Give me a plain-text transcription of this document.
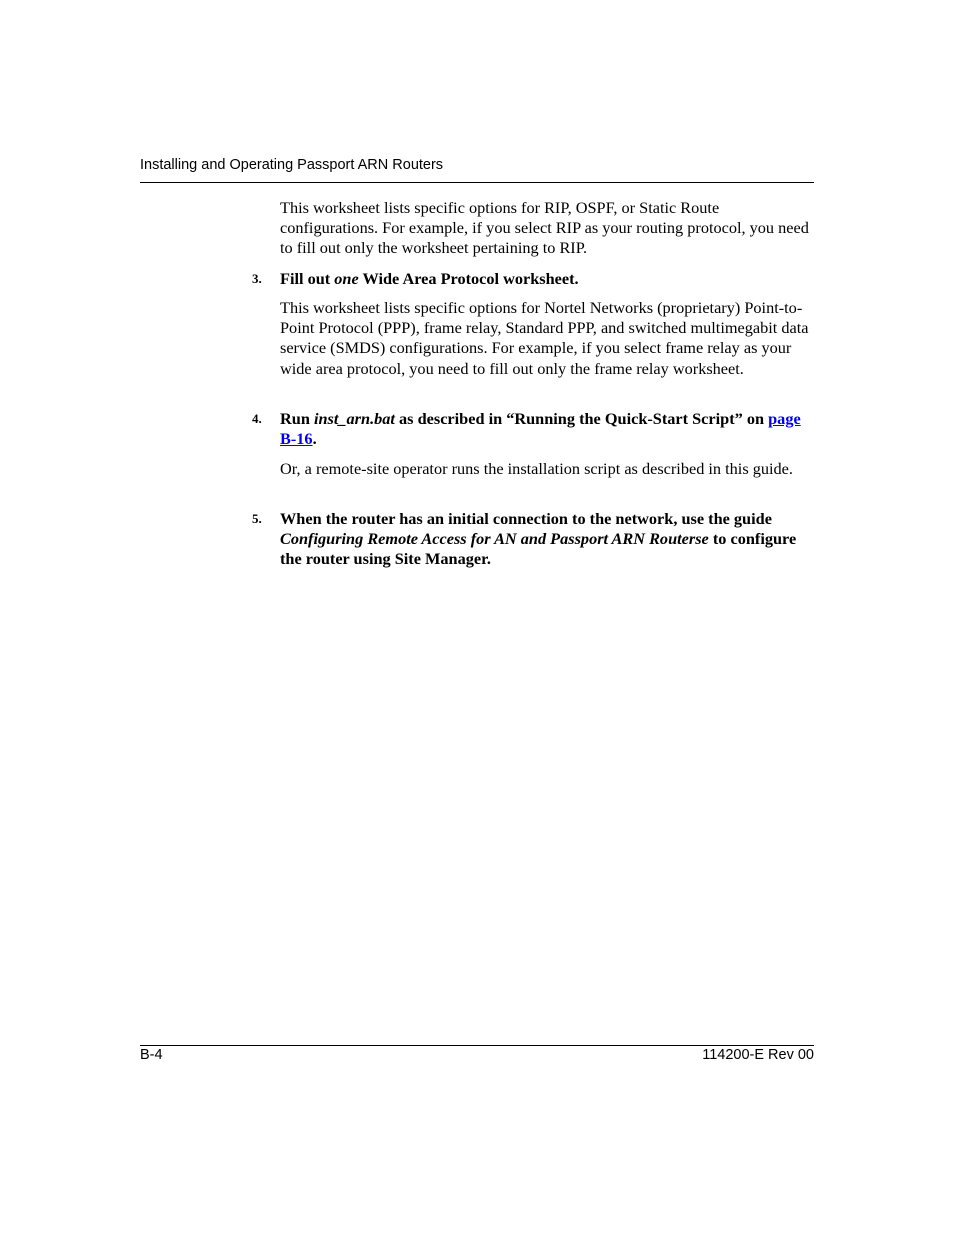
Installing and Operating Passport ARN Routers
This worksheet lists specific options for RIP, OSPF, or Static Route configurations. For example, if you select RIP as your routing protocol, you need to fill out only the worksheet pertaining to RIP.
3. Fill out one Wide Area Protocol worksheet.
This worksheet lists specific options for Nortel Networks (proprietary) Point-to-Point Protocol (PPP), frame relay, Standard PPP, and switched multimegabit data service (SMDS) configurations. For example, if you select frame relay as your wide area protocol, you need to fill out only the frame relay worksheet.
4. Run inst_arn.bat as described in “Running the Quick-Start Script” on page B-16.
Or, a remote-site operator runs the installation script as described in this guide.
5. When the router has an initial connection to the network, use the guide Configuring Remote Access for AN and Passport ARN Routerse to configure the router using Site Manager.
B-4	114200-E Rev 00
